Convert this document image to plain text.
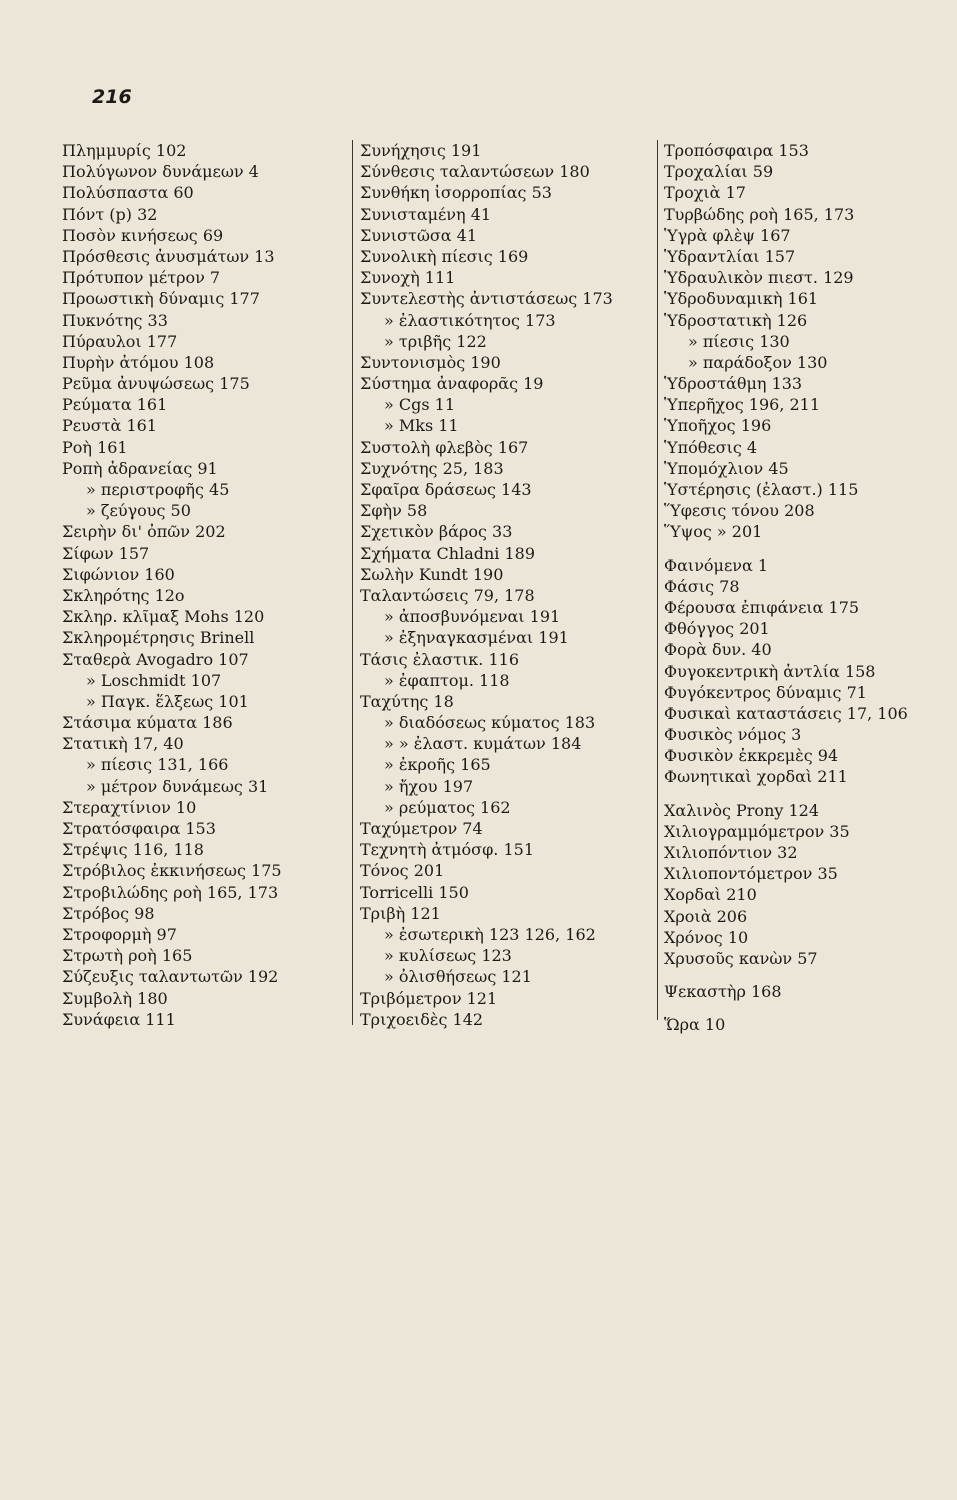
216
Πλημμυρίς 102
Πολύγωνον δυνάμεων 4
Πολύσπαστα 60
Πόντ (p) 32
Ποσὸν κινήσεως 69
Πρόσθεσις ἀνυσμάτων 13
Πρότυπον μέτρον 7
Προωστικὴ δύναμις 177
Πυκνότης 33
Πύραυλοι 177
Πυρὴν ἀτόμου 108
Ρεῦμα ἀνυψώσεως 175
Ρεύματα 161
Ρευστὰ 161
Ροὴ 161
Ροπὴ ἀδρανείας 91
» περιστροφῆς 45
» ζεύγους 50
Σειρὴν δι' ὀπῶν 202
Σίφων 157
Σιφώνιον 160
Σκληρότης 12ο
Σκληρ. κλῖμαξ Mohs 120
Σκληρομέτρησις Brinell
Σταθερὰ Avogadro 107
» Loschmidt 107
» Παγκ. ἕλξεως 101
Στάσιμα κύματα 186
Στατικὴ 17, 40
» πίεσις 131, 166
» μέτρον δυνάμεως 31
Στεραχτίνιον 10
Στρατόσφαιρα 153
Στρέψις 116, 118
Στρόβιλος ἐκκινήσεως 175
Στροβιλώδης ροὴ 165, 173
Στρόβος 98
Στροφορμὴ 97
Στρωτὴ ροὴ 165
Σύζευξις ταλαντωτῶν 192
Συμβολὴ 180
Συνάφεια 111
Συνήχησις 191
Σύνθεσις ταλαντώσεων 180
Συνθήκη ἰσορροπίας 53
Συνισταμένη 41
Συνιστῶσα 41
Συνολικὴ πίεσις 169
Συνοχὴ 111
Συντελεστὴς ἀντιστάσεως 173
» ἐλαστικότητος 173
» τριβῆς 122
Συντονισμὸς 190
Σύστημα ἀναφορᾶς 19
» Cgs 11
» Mks 11
Συστολὴ φλεβὸς 167
Συχνότης 25, 183
Σφαῖρα δράσεως 143
Σφὴν 58
Σχετικὸν βάρος 33
Σχήματα Chladni 189
Σωλὴν Kundt 190
Ταλαντώσεις 79, 178
» ἀποσβυνόμεναι 191
» ἐξηναγκασμέναι 191
Τάσις ἐλαστικ. 116
» ἐφαπτομ. 118
Ταχύτης 18
» διαδόσεως κύματος 183
» » ἐλαστ. κυμάτων 184
» ἐκροῆς 165
» ἤχου 197
» ρεύματος 162
Ταχύμετρον 74
Τεχνητὴ ἀτμόσφ. 151
Τόνος 201
Torricelli 150
Τριβὴ 121
» ἐσωτερικὴ 123 126, 162
» κυλίσεως 123
» ὀλισθήσεως 121
Τριβόμετρον 121
Τριχοειδὲς 142
Τροπόσφαιρα 153
Τροχαλίαι 59
Τροχιὰ 17
Τυρβώδης ροὴ 165, 173
Ὑγρὰ φλὲψ 167
Ὑδραντλίαι 157
Ὑδραυλικὸν πιεστ. 129
Ὑδροδυναμικὴ 161
Ὑδροστατικὴ 126
» πίεσις 130
» παράδοξον 130
Ὑδροστάθμη 133
Ὑπερῆχος 196, 211
Ὑποῆχος 196
Ὑπόθεσις 4
Ὑπομόχλιον 45
Ὑστέρησις (ἐλαστ.) 115
Ὕφεσις τόνου 208
Ὕψος » 201
Φαινόμενα 1
Φάσις 78
Φέρουσα ἐπιφάνεια 175
Φθόγγος 201
Φορὰ δυν. 40
Φυγοκεντρικὴ ἀντλία 158
Φυγόκεντρος δύναμις 71
Φυσικαὶ καταστάσεις 17, 106
Φυσικὸς νόμος 3
Φυσικὸν ἐκκρεμὲς 94
Φωνητικαὶ χορδαὶ 211
Χαλινὸς Prony 124
Χιλιογραμμόμετρον 35
Χιλιοπόντιον 32
Χιλιοποντόμετρον 35
Χορδαὶ 210
Χροιὰ 206
Χρόνος 10
Χρυσοῦς κανὼν 57
Ψεκαστὴρ 168
Ὥρα 10
